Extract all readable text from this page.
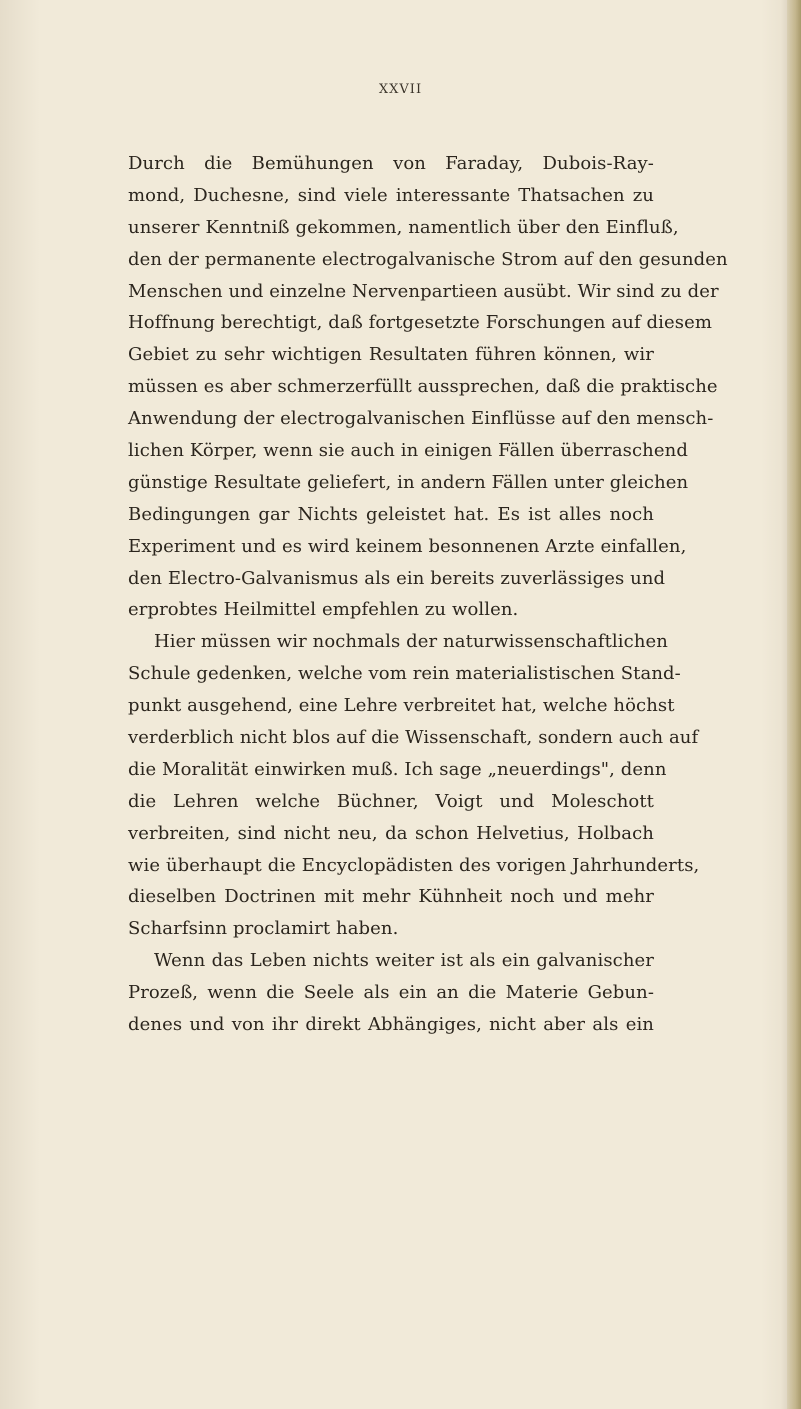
XXVII
Durch die Bemühungen von Faraday, Dubois-Ray-
mond, Duchesne, sind viele interessante Thatsachen zu
unserer Kenntniß gekommen, namentlich über den Einfluß,
den der permanente electrogalvanische Strom auf den gesunden
Menschen und einzelne Nervenpartieen ausübt. Wir sind zu der
Hoffnung berechtigt, daß fortgesetzte Forschungen auf diesem
Gebiet zu sehr wichtigen Resultaten führen können, wir
müssen es aber schmerzerfüllt aussprechen, daß die praktische
Anwendung der electrogalvanischen Einflüsse auf den mensch-
lichen Körper, wenn sie auch in einigen Fällen überraschend
günstige Resultate geliefert, in andern Fällen unter gleichen
Bedingungen gar Nichts geleistet hat. Es ist alles noch
Experiment und es wird keinem besonnenen Arzte einfallen,
den Electro-Galvanismus als ein bereits zuverlässiges und
erprobtes Heilmittel empfehlen zu wollen.
Hier müssen wir nochmals der naturwissenschaftlichen
Schule gedenken, welche vom rein materialistischen Stand-
punkt ausgehend, eine Lehre verbreitet hat, welche höchst
verderblich nicht blos auf die Wissenschaft, sondern auch auf
die Moralität einwirken muß. Ich sage „neuerdings", denn
die Lehren welche Büchner, Voigt und Moleschott
verbreiten, sind nicht neu, da schon Helvetius, Holbach
wie überhaupt die Encyclopädisten des vorigen Jahrhunderts,
dieselben Doctrinen mit mehr Kühnheit noch und mehr
Scharfsinn proclamirt haben.
Wenn das Leben nichts weiter ist als ein galvanischer
Prozeß, wenn die Seele als ein an die Materie Gebun-
denes und von ihr direkt Abhängiges, nicht aber als ein
